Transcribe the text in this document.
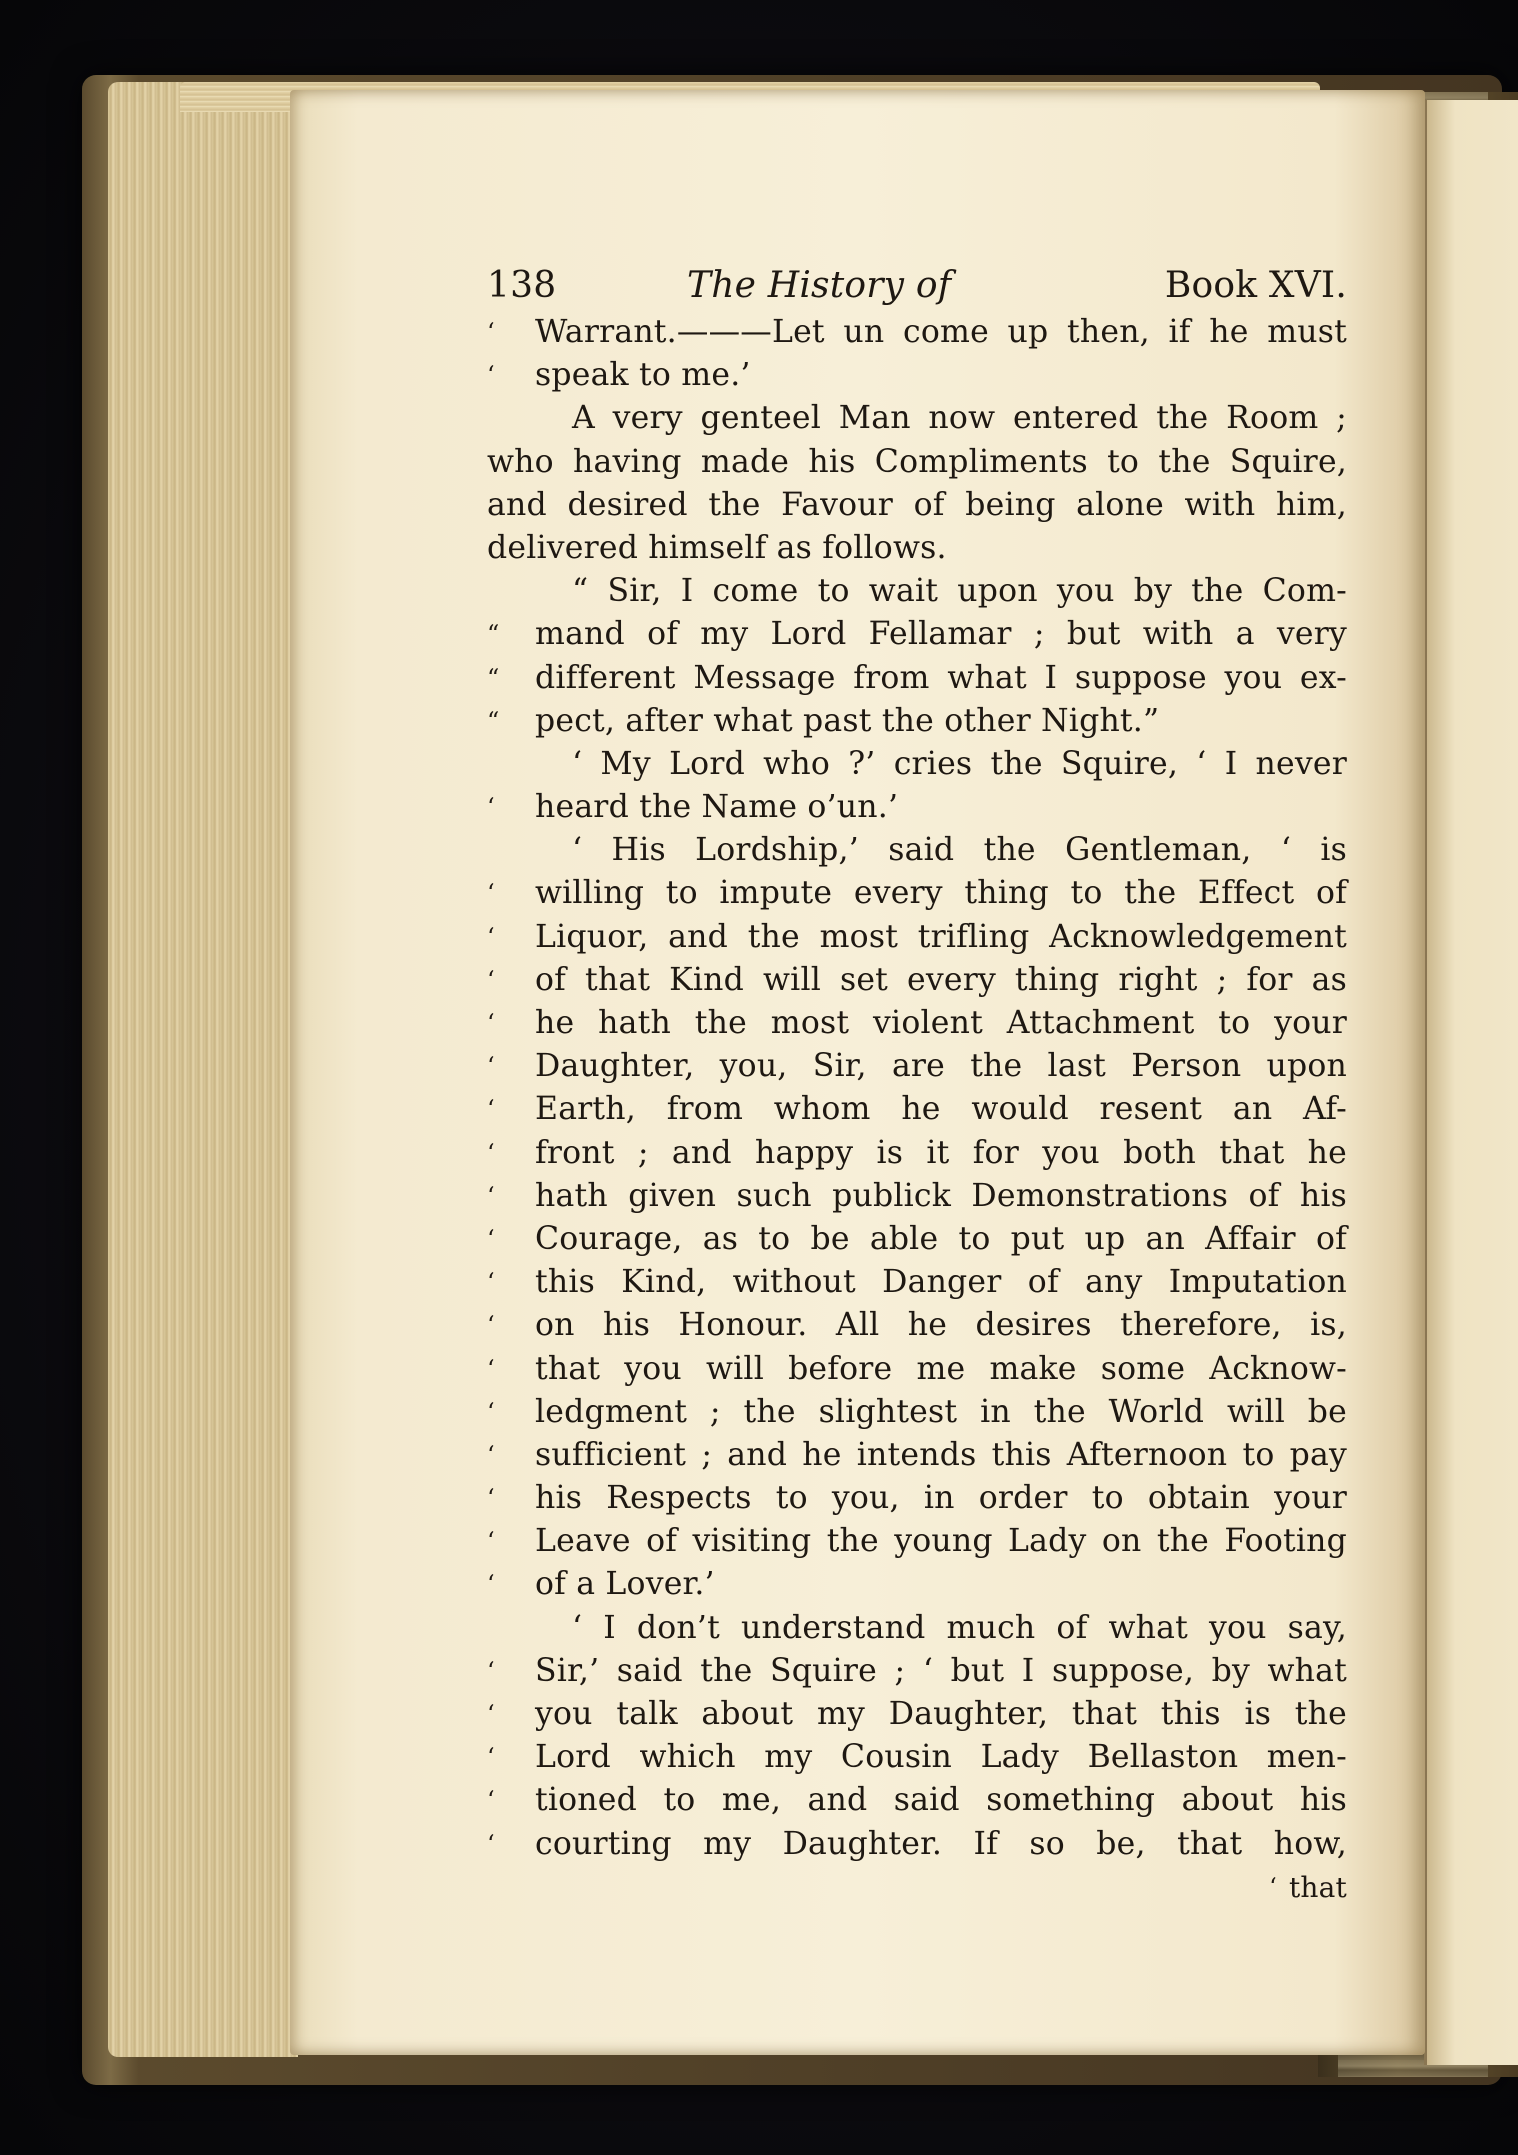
138	The History of	Book XVI.
‘ Warrant.———Let un come up then, if he must
‘ speak to me.’
A very genteel Man now entered the Room ;
who having made his Compliments to the Squire,
and desired the Favour of being alone with him,
delivered himself as follows.
“ Sir, I come to wait upon you by the Com-
“ mand of my Lord Fellamar ; but with a very
“ different Message from what I suppose you ex-
“ pect, after what past the other Night.”
‘ My Lord who ?’ cries the Squire, ‘ I never
‘ heard the Name o’un.’
‘ His Lordship,’ said the Gentleman, ‘ is
‘ willing to impute every thing to the Effect of
‘ Liquor, and the most trifling Acknowledgement
‘ of that Kind will set every thing right ; for as
‘ he hath the most violent Attachment to your
‘ Daughter, you, Sir, are the last Person upon
‘ Earth, from whom he would resent an Af-
‘ front ; and happy is it for you both that he
‘ hath given such publick Demonstrations of his
‘ Courage, as to be able to put up an Affair of
‘ this Kind, without Danger of any Imputation
‘ on his Honour. All he desires therefore, is,
‘ that you will before me make some Acknow-
‘ ledgment ; the slightest in the World will be
‘ sufficient ; and he intends this Afternoon to pay
‘ his Respects to you, in order to obtain your
‘ Leave of visiting the young Lady on the Footing
‘ of a Lover.’
‘ I don’t understand much of what you say,
‘ Sir,’ said the Squire ; ‘ but I suppose, by what
‘ you talk about my Daughter, that this is the
‘ Lord which my Cousin Lady Bellaston men-
‘ tioned to me, and said something about his
‘ courting my Daughter. If so be, that how,
‘ that
